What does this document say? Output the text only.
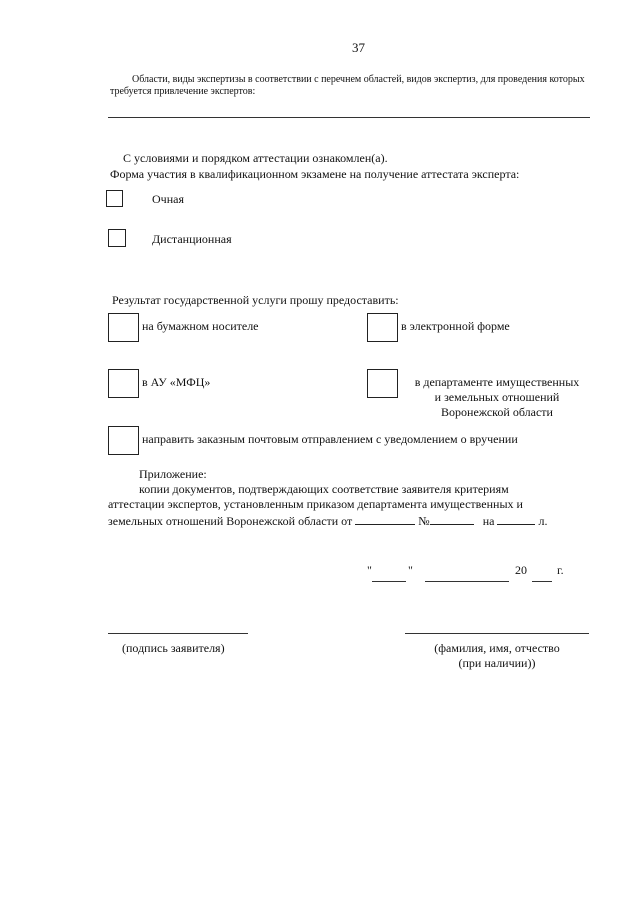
37
Области, виды экспертизы в соответствии с перечнем областей, видов экспертиз, для проведения которых требуется привлечение экспертов:
С условиями и порядком аттестации ознакомлен(а).
Форма участия в квалификационном экзамене на получение аттестата эксперта:
Очная
Дистанционная
Результат государственной услуги прошу предоставить:
на бумажном носителе	в электронной форме
в АУ «МФЦ»	в департаменте имущественных
и земельных отношений
Воронежской области
направить заказным почтовым отправлением с уведомлением о вручении
Приложение:
копии документов, подтверждающих соответствие заявителя критериям
аттестации экспертов, установленным приказом департамента имущественных и
земельных отношений Воронежской области от	№	на	л.
"	"	20	г.
(подпись заявителя)	(фамилия, имя, отчество
(при наличии))
